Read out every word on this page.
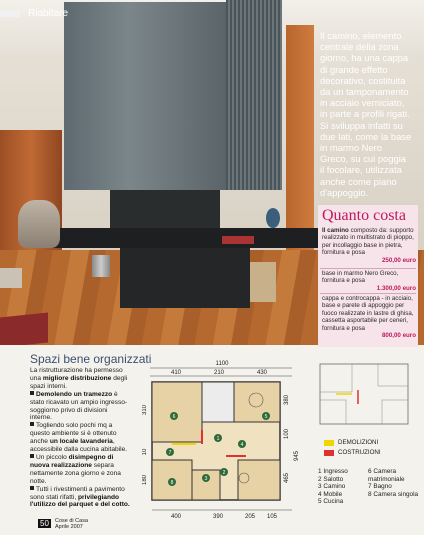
Riabitare
Il camino, elemento centrale della zona giorno, ha una cappa di grande effetto decorativo, costituita da un tamponamento in acciaio verniciato, in parte a profili rigati. Si sviluppa infatti su due lati, come la base in marmo Nero Greco, su cui poggia il focolare, utilizzata anche come piano d'appoggio.
Quanto costa
Il camino composto da: supporto realizzato in multistrato di pioppo, per incollaggio base in pietra, fornitura e posa
250,00 euro
base in marmo Nero Greco, fornitura e posa
1.300,00 euro
cappa e controcappa - in acciaio, base e parete di appoggio per fuoco realizzate in lastre di ghisa, cassetta asportabile per ceneri, fornitura e posa
800,00 euro
Spazi bene organizzati

La ristrutturazione ha permesso una migliore distribuzione degli spazi interni.

Demolendo un tramezzo è stato ricavato un ampio ingresso-soggiorno privo di divisioni interne.

Togliendo solo pochi mq a questo ambiente si è ottenuto anche un locale lavanderia, accessibile dalla cucina abitabile.

Un piccolo disimpegno di nuova realizzazione separa nettamente zona giorno e zona notte.

Tutti i rivestimenti a pavimento sono stati rifatti, privilegiando l'utilizzo del parquet e del cotto.

1100
410	210	430
1
2
3
4
5
6
7
8
400	390	205 105
310
10
180
380
100
945
465
DEMOLIZIONI
COSTRUZIONI
1 Ingresso
2 Salotto
3 Camino
4 Mobile
5 Cucina
6 Camera matrimoniale
7 Bagno
8 Camera singola
50	Cose di Casa
Aprile 2007
